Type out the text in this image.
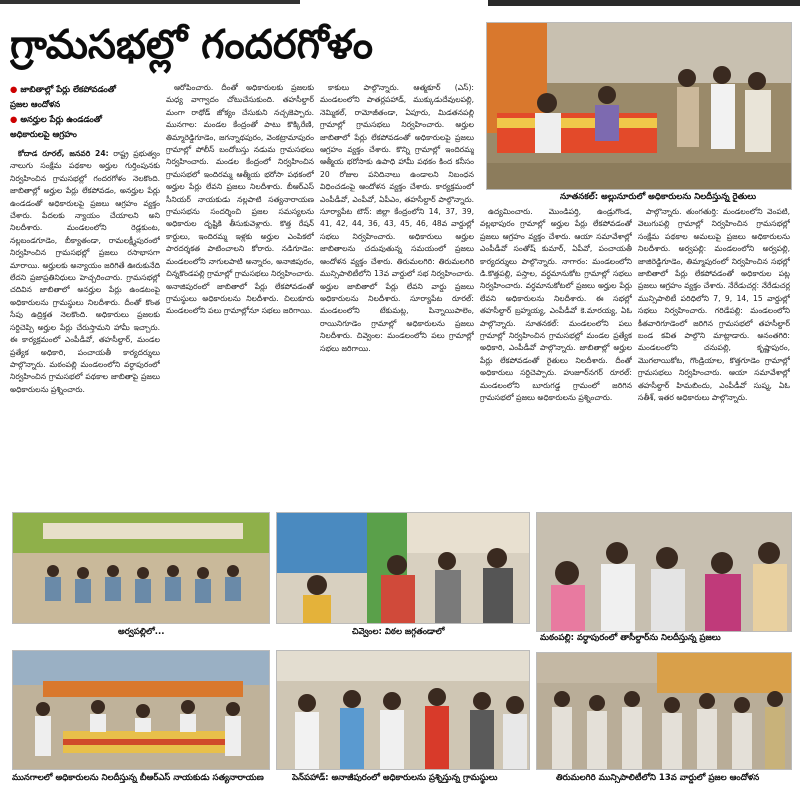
గ్రామసభల్లో గందరగోళం
● జాబితాల్లో పేర్లు లేకపోవడంతో
ప్రజల ఆందోళన
● అనర్హుల పేర్లు ఉండడంతో
అధికారులపై ఆగ్రహం

కోదాడ రూరల్, జనవరి 24: రాష్ట్ర ప్రభుత్వం నాలుగు సంక్షేమ పథకాల అర్హుల గుర్తింపునకు నిర్వహించిన గ్రామసభల్లో గందరగోళం నెలకొంది. జాబితాల్లో అర్హుల పేర్లు లేకపోవడం, అనర్హుల పేర్లు ఉండడంతో అధికారులపై ప్రజలు ఆగ్రహం వ్యక్తం చేశారు. పేదలకు న్యాయం చేయాలని అని నిలదీశారు. మండలంలోని రెడ్లకుంట, నల్లబండగూడెం, బీక్యాతండా, రామలక్ష్మీపురంలో నిర్వహించిన గ్రామసభల్లో ప్రజలు రసాభాసగా మారాయి. అర్హులకు అన్యాయం జరిగితే ఊరుకునేది లేదని ప్రజాప్రతినిధులు హెచ్చరించారు. గ్రామసభల్లో చదివిన జాబితాలో అనర్హుల పేర్లు ఉండటంపై అధికారులను గ్రామస్థులు నిలదీశారు. దీంతో కొంత సేపు ఉద్రిక్తత నెలకొంది. అధికారులు ప్రజలకు సర్దిచెప్పి అర్హుల పేర్లు చేరుస్తామని హామీ ఇచ్చారు. ఈ కార్యక్రమంలో ఎంపీడీవో, తహసీల్దార్, మండల ప్రత్యేక అధికారి, పంచాయతీ కార్యదర్శులు పాల్గొన్నారు. మఠంపల్లి మండలంలోని వర్ధాపురంలో నిర్వహించిన గ్రామసభలో పథకాల జాబితాపై ప్రజలు అధికారులను ప్రశ్నించారు.

ఆరోపించారు. దీంతో అధికారులకు ప్రజలకు మధ్య వాగ్వాదం చోటుచేసుకుంది. తహసీల్దార్ మంగా రాథోడ్ జోక్యం చేసుకుని నచ్చజెప్పారు. మునగాల: మండల కేంద్రంతో పాటు కొక్కిరేణి, తిమ్మారెడ్డిగూడెం, జగన్నాథపురం, వెంకట్రామాపురం గ్రామాల్లో పోలీస్ బందోబస్తు నడుమ గ్రామసభలు నిర్వహించారు. మండల కేంద్రంలో నిర్వహించిన గ్రామసభలో ఇందిరమ్మ ఆత్మీయ భరోసా పథకంలో అర్హుల పేర్లు లేవని ప్రజలు నిలదీశారు. బీఆర్ఎస్ సీనియర్ నాయకుడు నల్లపాటి సత్యనారాయణ గ్రామసభను సందర్శించి ప్రజల సమస్యలను అధికారుల దృష్టికి తీసుకువెళ్లారు. కొత్త రేషన్ కార్డులు, ఇందిరమ్మ ఇళ్లకు అర్హుల ఎంపికలో పారదర్శకత పాటించాలని కోరారు. నడిగూడెం: మండలంలోని నాగులపాటి అన్నారం, అనాజిపురం, చిన్నకొండపల్లి గ్రామాల్లో గ్రామసభలు నిర్వహించారు. అనాజిపురంలో జాబితాలో పేర్లు లేకపోవడంతో గ్రామస్థులు అధికారులను నిలదీశారు. చిలుకూరు మండలంలోని పలు గ్రామాల్లోనూ సభలు జరిగాయి.

కాకులు పాల్గొన్నారు. ఆత్మకూర్ (ఎస్): మండలంలోని పాతర్లపహాడ్, ముక్కుడుదేవులపల్లి, నెమ్మికల్, రామోజీతండా, ఏపూరు, మిడతనపల్లి గ్రామాల్లో గ్రామసభలు నిర్వహించారు. అర్హుల జాబితాలో పేర్లు లేకపోవడంతో అధికారులపై ప్రజలు ఆగ్రహం వ్యక్తం చేశారు. కొన్ని గ్రామాల్లో ఇందిరమ్మ ఆత్మీయ భరోసాకు ఉపాధి హామీ పథకం కింద కనీసం 20 రోజుల పనిదినాలు ఉండాలని నిబంధన విధించడంపై ఆందోళన వ్యక్తం చేశారు. కార్యక్రమంలో ఎంపీడీవో, ఎంపీవో, ఏపీఎం, తహసీల్దార్ పాల్గొన్నారు. సూర్యాపేట టౌన్: జిల్లా కేంద్రంలోని 14, 37, 39, 41, 42, 44, 36, 43, 45, 46, 48వ వార్డుల్లో సభలు నిర్వహించారు. అధికారులు అర్హుల జాబితాలను చదువుతున్న సమయంలో ప్రజలు ఆందోళన వ్యక్తం చేశారు. తిరుమలగిరి: తిరుమలగిరి మున్సిపాలిటీలోని 13వ వార్డులో సభ నిర్వహించారు. అర్హుల జాబితాలో పేర్లు లేవని వార్డు ప్రజలు అధికారులను నిలదీశారు. సూర్యాపేట రూరల్: మండలంలోని టేకుమట్ల, పిన్నాయిపాలెం, రాయినిగూడెం గ్రామాల్లో అధికారులను ప్రజలు నిలదీశారు. చివ్వెంల: మండలంలోని పలు గ్రామాల్లో సభలు జరిగాయి.

నూతనకల్: అల్లునూరులో అధికారులను నిలదీస్తున్న రైతులు

ఉద్యమించారు. మొండిపర్తి, ఉండ్రుగొండ, వల్లభాపురం గ్రామాల్లో అర్హుల పేర్లు లేకపోవడంతో ప్రజలు ఆగ్రహం వ్యక్తం చేశారు. ఆయా సమావేశాల్లో ఎంపీడీవో సంతోష్ కుమార్, ఏపీవో, పంచాయతీ కార్యదర్శులు పాల్గొన్నారు. నాగారం: మండలంలోని డి.కొత్తపల్లి, పస్తాల, వర్ధమానుకోట గ్రామాల్లో సభలు నిర్వహించారు. వర్ధమానుకోటలో ప్రజలు అర్హుల పేర్లు లేవని అధికారులను నిలదీశారు. ఈ సభల్లో తహసీల్దార్ బ్రహ్మయ్య, ఎంపీడీవో కె.మారయ్య, ఏఓ పాల్గొన్నారు. నూతనకల్: మండలంలోని పలు గ్రామాల్లో నిర్వహించిన గ్రామసభల్లో మండల ప్రత్యేక అధికారి, ఎంపీడీవో పాల్గొన్నారు. జాబితాల్లో అర్హుల పేర్లు లేకపోవడంతో రైతులు నిలదీశారు. దీంతో అధికారులు సర్దిచెప్పారు. హుజూర్‌నగర్ రూరల్: మండలంలోని బూరుగడ్డ గ్రామంలో జరిగిన గ్రామసభలో ప్రజలు అధికారులను ప్రశ్నించారు.

పాల్గొన్నారు. తుంగతుర్తి: మండలంలోని వెంపటి, వెలుగుపల్లి గ్రామాల్లో నిర్వహించిన గ్రామసభల్లో సంక్షేమ పథకాల అమలుపై ప్రజలు అధికారులను నిలదీశారు. అర్వపల్లి: మండలంలోని అర్వపల్లి, జాజిరెడ్డిగూడెం, తిమ్మాపురంలో నిర్వహించిన సభల్లో జాబితాలో పేర్లు లేకపోవడంతో అధికారుల పట్ల ప్రజలు ఆగ్రహం వ్యక్తం చేశారు. నేరేడుచర్ల: నేరేడుచర్ల మున్సిపాలిటీ పరిధిలోని 7, 9, 14, 15 వార్డుల్లో సభలు నిర్వహించారు. గరిడేపల్లి: మండలంలోని కీతవారిగూడెంలో జరిగిన గ్రామసభలో తహసీల్దార్ బండ కవిత పాల్గొని మాట్లాడారు. అనంతగిరి: మండలంలోని చనుపల్లి, కృష్ణాపురం, మొగలాయికోట, గొండ్రియాల, కొత్తగూడెం గ్రామాల్లో గ్రామసభలు నిర్వహించారు. ఆయా సమావేశాల్లో తహసీల్దార్ హిమబిందు, ఎంపీడీవో సుష్మ, ఏఓ సతీశ్, ఇతర అధికారులు పాల్గొన్నారు.

అర్వపల్లిలో...	చివ్వెంల: విఠల జగ్గతండాలో
మఠంపల్లి: వర్ధాపురంలో తాసీల్దార్‌ను నిలదీస్తున్న ప్రజలు
మునగాలలో అధికారులను నిలదీస్తున్న బీఆర్ఎస్ నాయకుడు సత్యనారాయణ	పెన్‌పహాడ్: అనాజీపురంలో అధికారులను ప్రశ్నిస్తున్న గ్రామస్థులు	తిరుమలగిరి మున్సిపాలిటీలోని 13వ వార్డులో ప్రజల ఆందోళన
